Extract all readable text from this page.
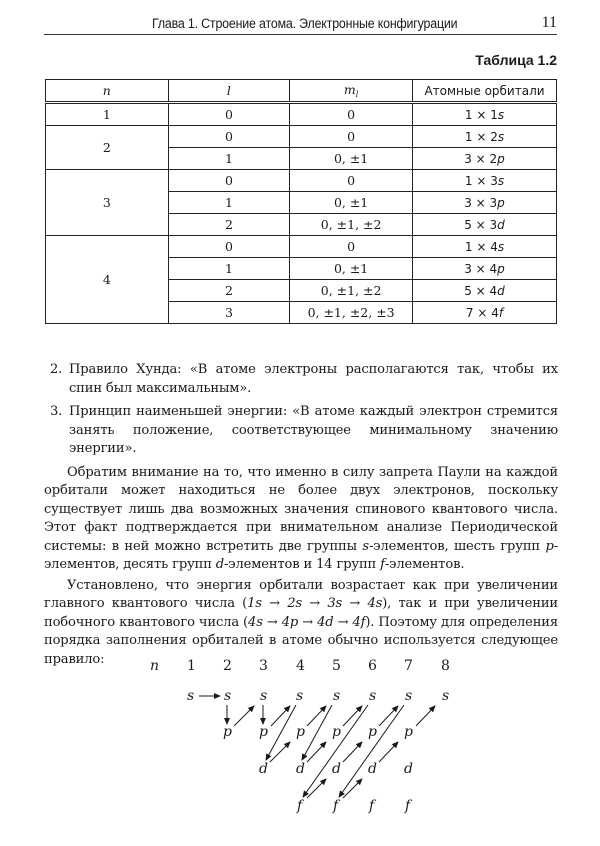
Глава 1. Строение атома. Электронные конфигурации	11
Таблица 1.2
n	l	$m_l$	Атомные орбитали
1	0	0	1 × 1s
2	0	0	1 × 2s
	1	0, ±1	3 × 2p
3	0	0	1 × 3s
	1	0, ±1	3 × 3p
	2	0, ±1, ±2	5 × 3d
4	0	0	1 × 4s
	1	0, ±1	3 × 4p
	2	0, ±1, ±2	5 × 4d
	3	0, ±1, ±2, ±3	7 × 4f
2. Правило Хунда: «В атоме электроны располагаются так, чтобы их спин был максимальным».
3. Принцип наименьшей энергии: «В атоме каждый электрон стремится занять положение, соответствующее минимальному значению энергии».

Обратим внимание на то, что именно в силу запрета Паули на каждой орбитали может находиться не более двух электронов, поскольку существует лишь два возможных значения спинового квантового числа. Этот факт подтверждается при внимательном анализе Периодической системы: в ней можно встретить две группы s-элементов, шесть групп p-элементов, десять групп d-элементов и 14 групп f-элементов.

Установлено, что энергия орбитали возрастает как при увеличении главного квантового числа (1s → 2s → 3s → 4s), так и при увеличении побочного квантового числа (4s → 4p → 4d → 4f). Поэтому для определения порядка заполнения орбиталей в атоме обычно используется следующее правило:	n 1 2 3 4 5 6 7 8
s s s s s s s s
p p p p p p
d d d d d
f f f f
